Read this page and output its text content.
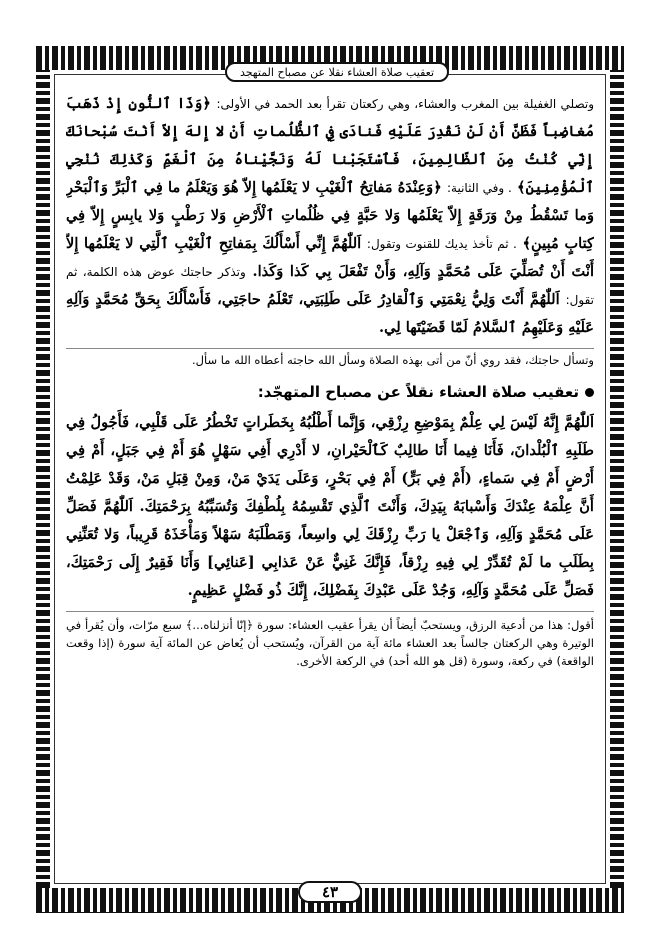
تعقيب صلاة العشاء نقلا عن مصباح المتهجد

وتصلي الغفيلة بين المغرب والعشاء، وهي ركعتان تقرأ بعد الحمد في الأولى: ﴿وَذَا ٱلنُّونِ إِذْ ذَهَبَ مُغاضِباً فَظَنَّ أَنْ لَنْ نَقْدِرَ عَلَيْهِ فَنادَى فِي ٱلظُّلُماتِ أَنْ لا إِلهَ إِلاّ أَنْتَ سُبْحانَكَ إِنِّي كُنْتُ مِنَ ٱلظّالِمِينَ، فَٱسْتَجَبْنا لَهُ وَنَجَّيْناهُ مِنَ ٱلْغَمِّ وَكَذٰلِكَ نُنْجِي ٱلْمُؤْمِنِينَ﴾ . وفي الثانية: ﴿وَعِنْدَهُ مَفاتِحُ ٱلْغَيْبِ لا يَعْلَمُها إِلاّ هُوَ وَيَعْلَمُ ما فِي ٱلْبَرِّ وَٱلْبَحْرِ وَما تَسْقُطُ مِنْ وَرَقَةٍ إِلاّ يَعْلَمُها وَلا حَبَّةٍ فِي ظُلُماتِ ٱلْأَرْضِ وَلا رَطْبٍ وَلا يابِسٍ إِلاّ فِي كِتابٍ مُبِينٍ﴾ . ثم تأخذ يديك للقنوت وتقول: اَللّٰهُمَّ إِنِّي أَسْأَلُكَ بِمَفاتِحِ ٱلْغَيْبِ ٱلَّتِي لا يَعْلَمُها إِلاّ أَنْتَ أَنْ تُصَلِّيَ عَلَى مُحَمَّدٍ وَآلِهِ، وَأَنْ تَفْعَلَ بِي كَذا وَكَذا. وتذكر حاجتك عوض هذه الكلمة، ثم تقول: اَللّٰهُمَّ أَنْتَ وَلِيُّ نِعْمَتِي وَٱلْقادِرُ عَلَى طَلِبَتِي، تَعْلَمُ حاجَتِي، فَأَسْأَلُكَ بِحَقِّ مُحَمَّدٍ وَآلِهِ عَلَيْهِ وَعَلَيْهِمُ ٱلسَّلامُ لَمّا قَضَيْتَها لِي.

وتسأل حاجتك، فقد روي أنّ من أتى بهذه الصلاة وسأل الله حاجته أعطاه الله ما سأل.

تعقيب صلاة العشاء نقلاً عن مصباح المتهجّد:

اَللّٰهُمَّ إِنَّهُ لَيْسَ لِي عِلْمٌ بِمَوْضِعِ رِزْقِي، وَإِنَّما أَطْلُبُهُ بِخَطَراتٍ تَخْطُرُ عَلَى قَلْبِي، فَأَجُولُ فِي طَلَبِهِ ٱلْبُلْدانَ، فَأَنَا فِيما أَنَا طالِبٌ كَٱلْحَيْرانِ، لا أَدْرِي أَفِي سَهْلٍ هُوَ أَمْ فِي جَبَلٍ، أَمْ فِي أَرْضٍ أَمْ فِي سَماءٍ، (أَمْ فِي بَرٍّ) أَمْ فِي بَحْرٍ، وَعَلَى يَدَيْ مَنْ، وَمِنْ قِبَلِ مَنْ، وَقَدْ عَلِمْتُ أَنَّ عِلْمَهُ عِنْدَكَ وَأَسْبابَهُ بِيَدِكَ، وَأَنْتَ ٱلَّذِي تَقْسِمُهُ بِلُطْفِكَ وَتُسَبِّبُهُ بِرَحْمَتِكَ. اَللّٰهُمَّ فَصَلِّ عَلَى مُحَمَّدٍ وَآلِهِ، وَٱجْعَلْ يا رَبِّ رِزْقَكَ لِي واسِعاً، وَمَطْلَبَهُ سَهْلاً وَمَأْخَذَهُ قَرِيباً، وَلا تُعَنِّنِي بِطَلَبِ ما لَمْ تُقَدِّرْ لِي فِيهِ رِزْقاً، فَإِنَّكَ غَنِيٌّ عَنْ عَذابِي [عَنائِي] وَأَنَا فَقِيرٌ إِلَى رَحْمَتِكَ، فَصَلِّ عَلَى مُحَمَّدٍ وَآلِهِ، وَجُدْ عَلَى عَبْدِكَ بِفَضْلِكَ، إِنَّكَ ذُو فَضْلٍ عَظِيمٍ.

أقول: هذا من أدعية الرزق، ويستحبّ أيضاً أن يقرأ عقيب العشاء: سورة ﴿إنّا أنزلناه...﴾ سبع مرّات، وأن يُقرأ في الوتيرة وهي الركعتان جالساً بعد العشاء مائة آية من القرآن، ويُستحب أن يُعاض عن المائة آية سورة (إذا وقعت الواقعة) في ركعة، وسورة (قل هو الله أحد) في الركعة الأخرى.

٤٣
